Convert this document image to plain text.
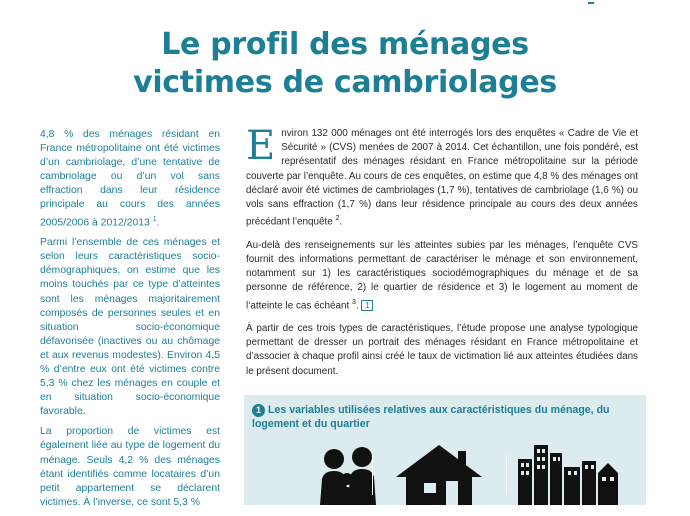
Le profil des ménages
victimes de cambriolages

4,8 % des ménages résidant en France métropolitaine ont été victimes d’un cambriolage, d’une tentative de cambriolage ou d’un vol sans effraction dans leur résidence principale au cours des années 2005/2006 à 2012/2013 $^1$.

Parmi l’ensemble de ces ménages et selon leurs caractéristiques socio-démographiques, on estime que les moins touchés par ce type d’atteintes sont les ménages majoritairement composés de personnes seules et en situation socio-économique défavorisée (inactives ou au chômage et aux revenus modestes). Environ 4,5 % d’entre eux ont été victimes contre 5,3 % chez les ménages en couple et en situation socio-économique favorable.

La proportion de victimes est également liée au type de logement du ménage. Seuls 4,2 % des ménages étant identifiés comme locataires d’un petit appartement se déclarent victimes. À l’inverse, ce sont 5,3 %

Environ 132 000 ménages ont été interrogés lors des enquêtes « Cadre de Vie et Sécurité » (CVS) menées de 2007 à 2014. Cet échantillon, une fois pondéré, est représentatif des ménages résidant en France métropolitaine sur la période couverte par l’enquête. Au cours de ces enquêtes, on estime que 4,8 % des ménages ont déclaré avoir été victimes de cambriolages (1,7 %), tentatives de cambriolage (1,6 %) ou vols sans effraction (1,7 %) dans leur résidence principale au cours des deux années précédant l’enquête $^2$.

Au-delà des renseignements sur les atteintes subies par les ménages, l’enquête CVS fournit des informations permettant de caractériser le ménage et son environnement, notamment sur 1) les caractéristiques sociodémographiques du ménage et de sa personne de référence, 2) le quartier de résidence et 3) le logement au moment de l’atteinte le cas échéant $^3$. 1

À partir de ces trois types de caractéristiques, l’étude propose une analyse typologique permettant de dresser un portrait des ménages résidant en France métropolitaine et d’associer à chaque profil ainsi créé le taux de victimation lié aux atteintes étudiées dans le présent document.

1 Les variables utilisées relatives aux caractéristiques du ménage, du logement et du quartier
